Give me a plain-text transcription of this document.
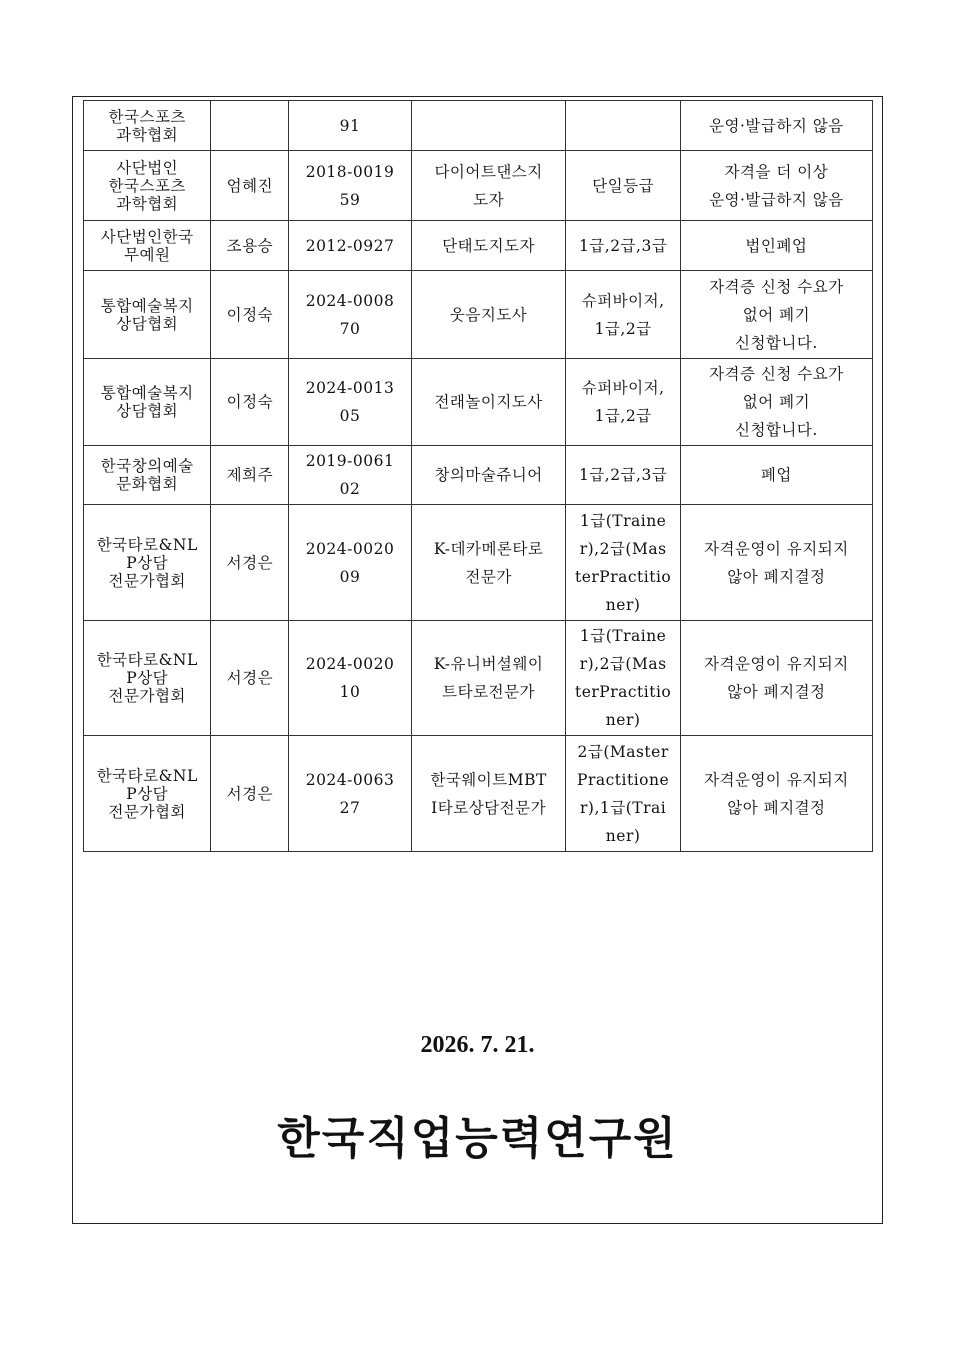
한국스포츠
과학협회		91			운영·발급하지 않음

사단법인
한국스포츠
과학협회	엄혜진	2018-0019
59	다이어트댄스지
도자	단일등급	자격을 더 이상
운영·발급하지 않음

사단법인한국
무예원	조용승	2012-0927	단태도지도자	1급,2급,3급	법인폐업

통합예술복지
상담협회	이정숙	2024-0008
70	웃음지도사	슈퍼바이저,
1급,2급	자격증 신청 수요가
없어 폐기
신청합니다.

통합예술복지
상담협회	이정숙	2024-0013
05	전래놀이지도사	슈퍼바이저,
1급,2급	자격증 신청 수요가
없어 폐기
신청합니다.

한국창의예술
문화협회	제희주	2019-0061
02	창의마술쥬니어	1급,2급,3급	폐업

한국타로&NL
P상담
전문가협회	서경은	2024-0020
09	K-데카메론타로
전문가	1급(Traine
r),2급(Mas
terPractitio
ner)	자격운영이 유지되지
않아 폐지결정

한국타로&NL
P상담
전문가협회	서경은	2024-0020
10	K-유니버셜웨이
트타로전문가	1급(Traine
r),2급(Mas
terPractitio
ner)	자격운영이 유지되지
않아 폐지결정

한국타로&NL
P상담
전문가협회	서경은	2024-0063
27	한국웨이트MBT
I타로상담전문가	2급(Master
Practitione
r),1급(Trai
ner)	자격운영이 유지되지
않아 폐지결정
2026. 7. 21.
한국직업능력연구원
